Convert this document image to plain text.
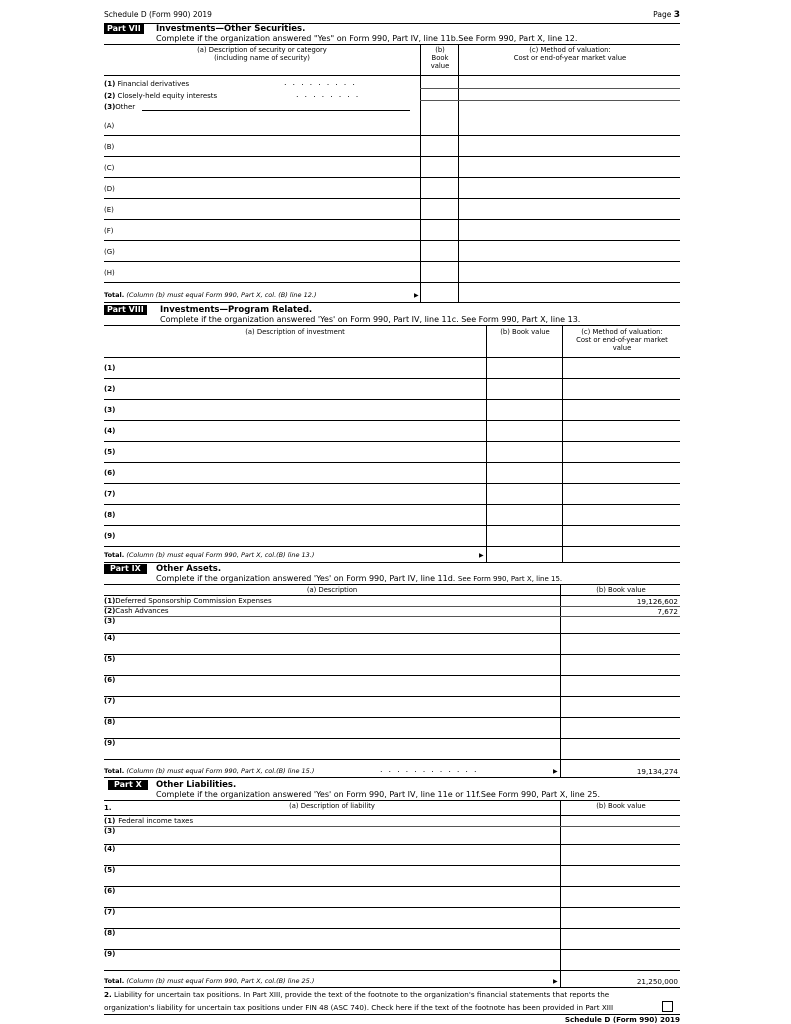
Schedule D (Form 990) 2019	Page 3
Part VII	Investments—Other Securities.
Complete if the organization answered "Yes" on Form 990, Part IV, line 11b.See Form 990, Part X, line 12.
(a) Description of security or category
(including name of security)
(b)
Book
value
(c) Method of valuation:
Cost or end-of-year market value
(1) Financial derivatives	.........
(2) Closely-held equity interests	........
(3)Other
(A)
(B)
(C)
(D)
(E)
(F)
(G)
(H)
Total. (Column (b) must equal Form 990, Part X, col. (B) line 12.)	▶
Part VIII	Investments—Program Related.
Complete if the organization answered 'Yes' on Form 990, Part IV, line 11c. See Form 990, Part X, line 13.
(a) Description of investment	(b) Book value	(c) Method of valuation:
Cost or end-of-year market
value
(1)
(2)
(3)
(4)
(5)
(6)
(7)
(8)
(9)
Total. (Column (b) must equal Form 990, Part X, col.(B) line 13.)	▶
Part IX	Other Assets.
Complete if the organization answered 'Yes' on Form 990, Part IV, line 11d. See Form 990, Part X, line 15.
(a) Description	(b) Book value
(1)Deferred Sponsorship Commission Expenses	19,126,602
(2)Cash Advances	7,672
(3)
(4)
(5)
(6)
(7)
(8)
(9)
Total. (Column (b) must equal Form 990, Part X, col.(B) line 15.)	............	▶	19,134,274
Part X	Other Liabilities.
Complete if the organization answered 'Yes' on Form 990, Part IV, line 11e or 11f.See Form 990, Part X, line 25.
1.	(a) Description of liability	(b) Book value
(1) Federal income taxes
(3)
(4)
(5)
(6)
(7)
(8)
(9)
Total. (Column (b) must equal Form 990, Part X, col.(B) line 25.)	▶	21,250,000
2. Liability for uncertain tax positions. In Part XIII, provide the text of the footnote to the organization's financial statements that reports the
organization's liability for uncertain tax positions under FIN 48 (ASC 740). Check here if the text of the footnote has been provided in Part XIII
Schedule D (Form 990) 2019
